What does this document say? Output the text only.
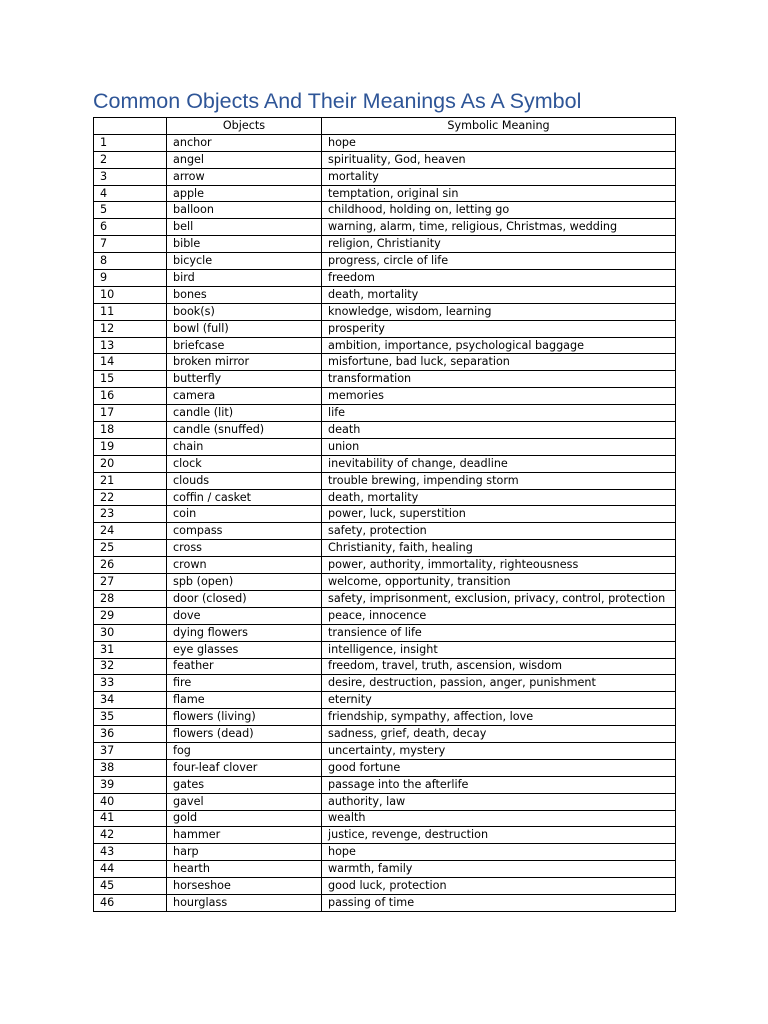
Common Objects And Their Meanings As A Symbol
	Objects	Symbolic Meaning
1	anchor	hope
2	angel	spirituality, God, heaven
3	arrow	mortality
4	apple	temptation, original sin
5	balloon	childhood, holding on, letting go
6	bell	warning, alarm, time, religious, Christmas, wedding
7	bible	religion, Christianity
8	bicycle	progress, circle of life
9	bird	freedom
10	bones	death, mortality
11	book(s)	knowledge, wisdom, learning
12	bowl (full)	prosperity
13	briefcase	ambition, importance, psychological baggage
14	broken mirror	misfortune, bad luck, separation
15	butterfly	transformation
16	camera	memories
17	candle (lit)	life
18	candle (snuffed)	death
19	chain	union
20	clock	inevitability of change, deadline
21	clouds	trouble brewing, impending storm
22	coffin / casket	death, mortality
23	coin	power, luck, superstition
24	compass	safety, protection
25	cross	Christianity, faith, healing
26	crown	power, authority, immortality, righteousness
27	spb (open)	welcome, opportunity, transition
28	door (closed)	safety, imprisonment, exclusion, privacy, control, protection
29	dove	peace, innocence
30	dying flowers	transience of life
31	eye glasses	intelligence, insight
32	feather	freedom, travel, truth, ascension, wisdom
33	fire	desire, destruction, passion, anger, punishment
34	flame	eternity
35	flowers (living)	friendship, sympathy, affection, love
36	flowers (dead)	sadness, grief, death, decay
37	fog	uncertainty, mystery
38	four-leaf clover	good fortune
39	gates	passage into the afterlife
40	gavel	authority, law
41	gold	wealth
42	hammer	justice, revenge, destruction
43	harp	hope
44	hearth	warmth, family
45	horseshoe	good luck, protection
46	hourglass	passing of time
